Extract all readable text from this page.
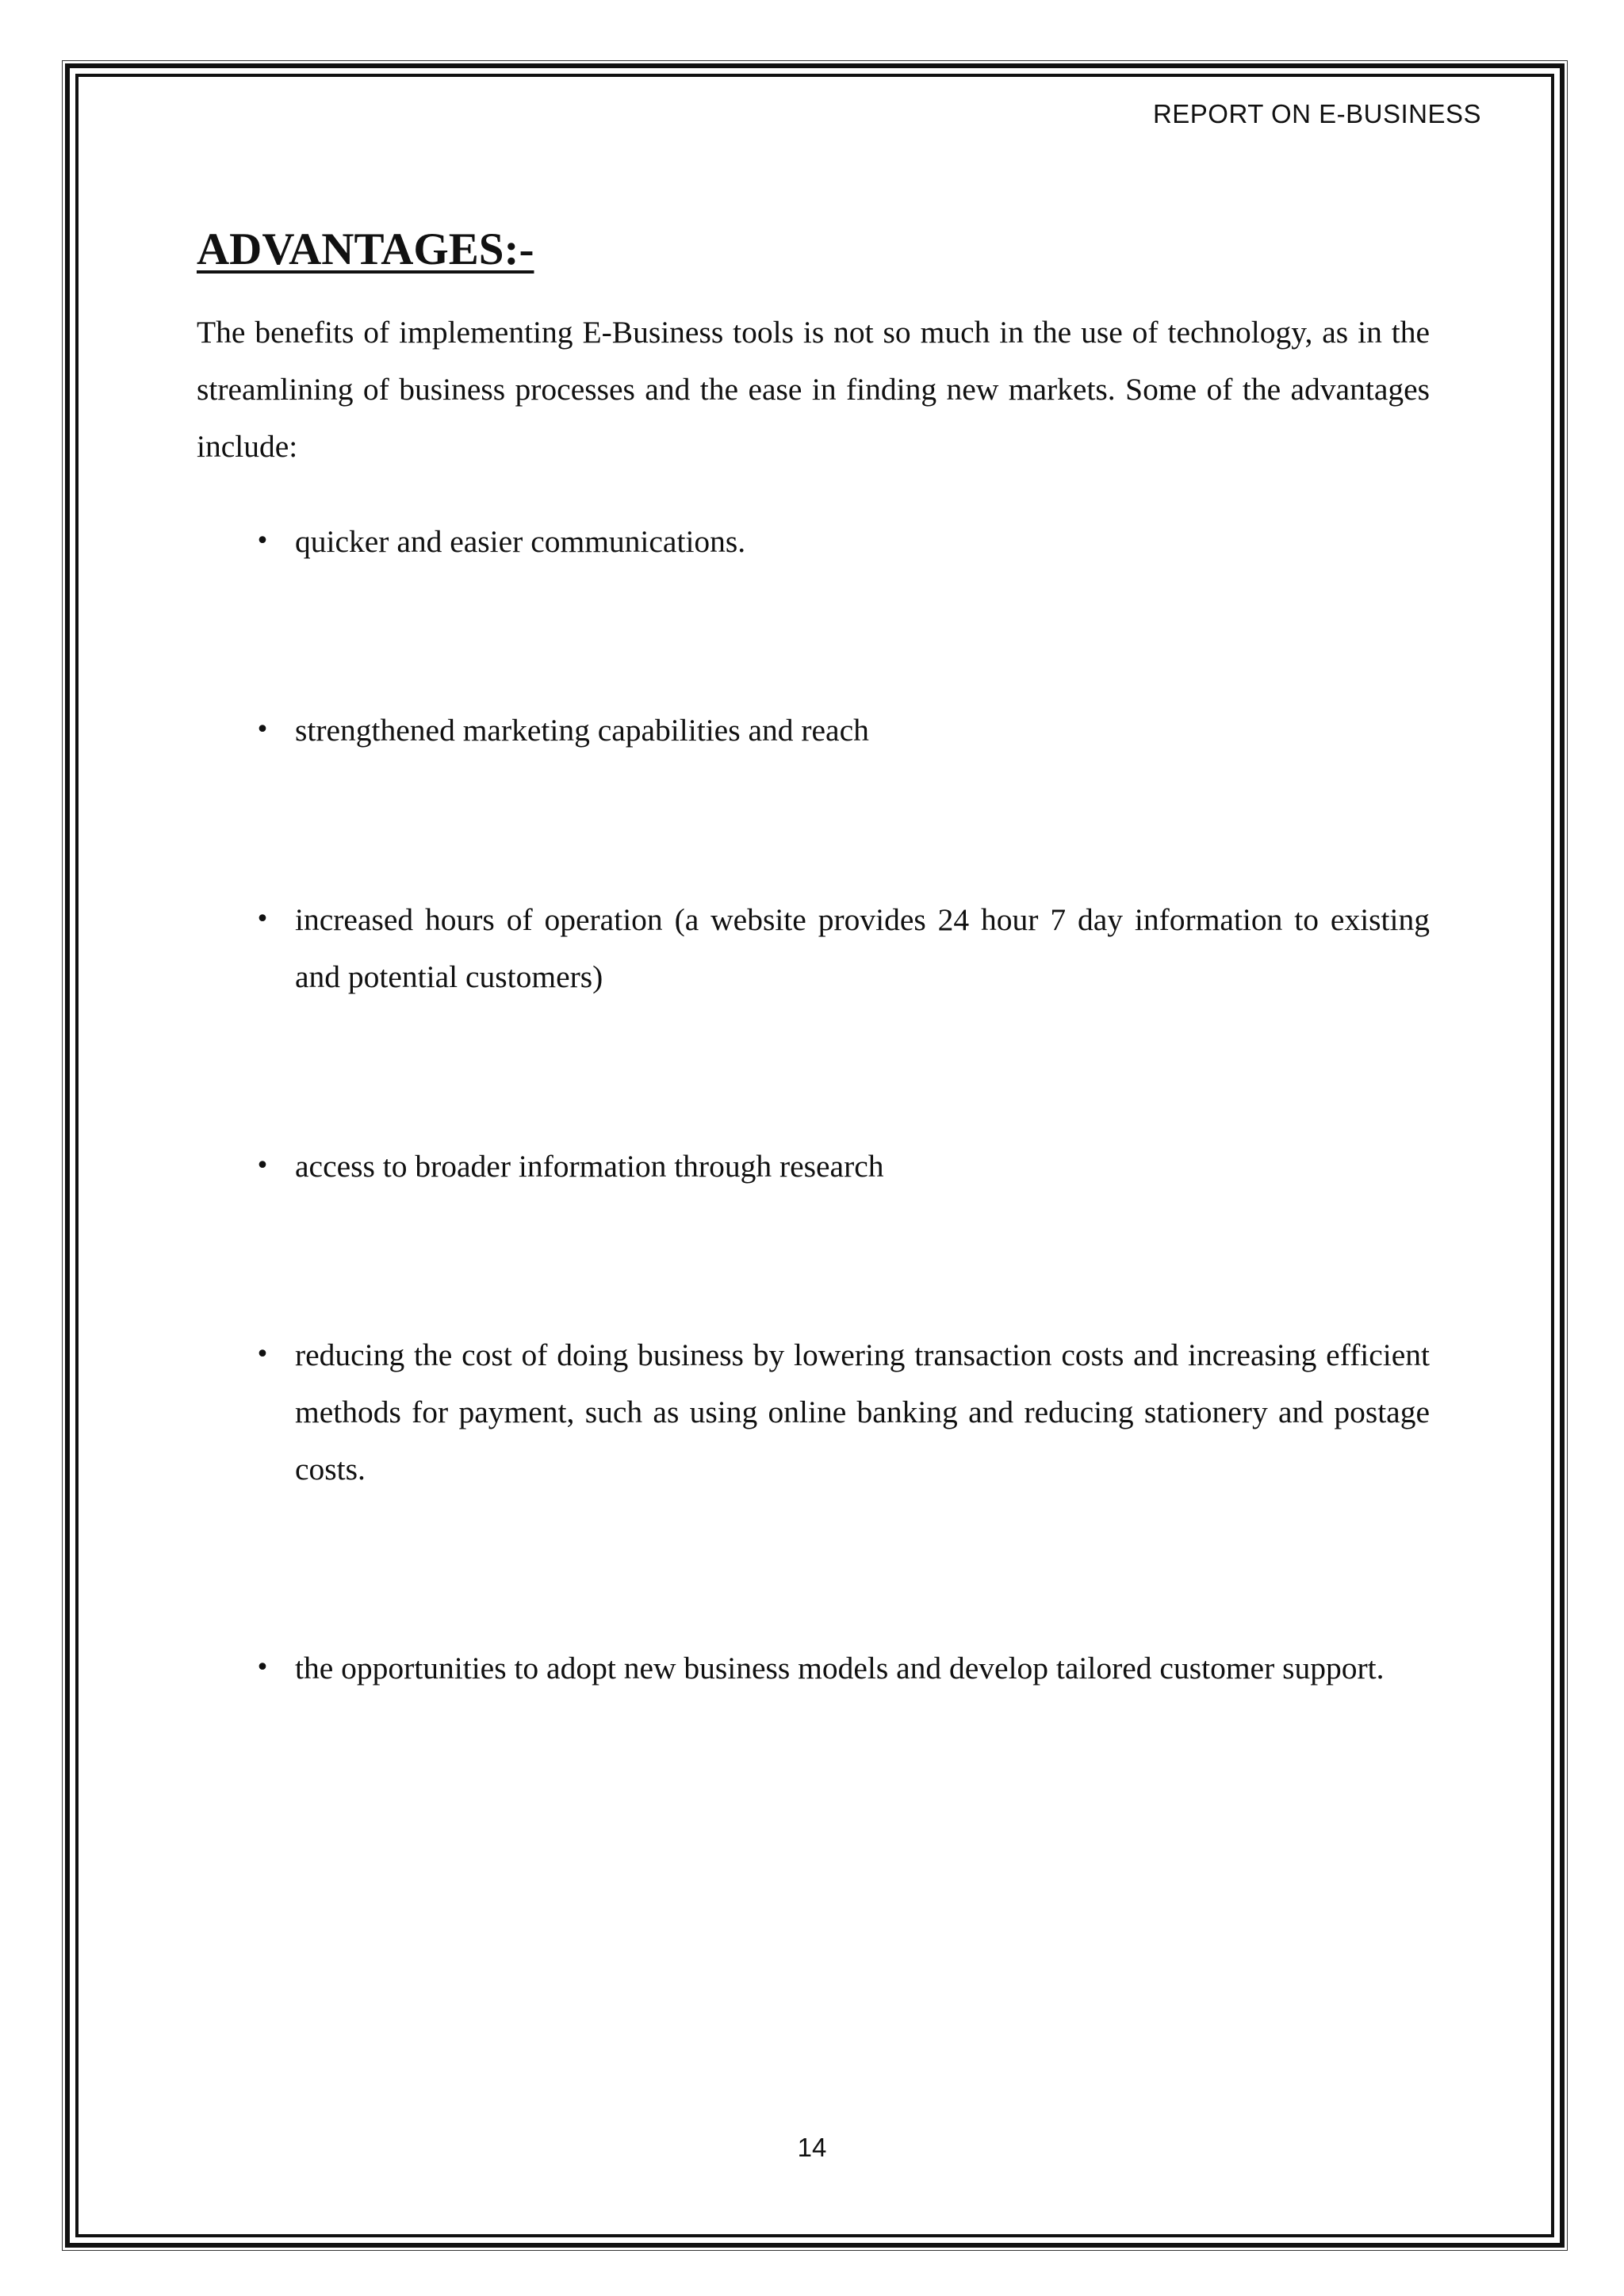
REPORT ON E-BUSINESS
ADVANTAGES:-

The benefits of implementing E-Business tools is not so much in the use of technology, as in the streamlining of business processes and the ease in finding new markets. Some of the advantages include:

• quicker and easier communications.
• strengthened marketing capabilities and reach
• increased hours of operation (a website provides 24 hour 7 day information to existing and potential customers)
• access to broader information through research
• reducing the cost of doing business by lowering transaction costs and increasing efficient methods for payment, such as using online banking and reducing stationery and postage costs.
• the opportunities to adopt new business models and develop tailored customer support.
14
